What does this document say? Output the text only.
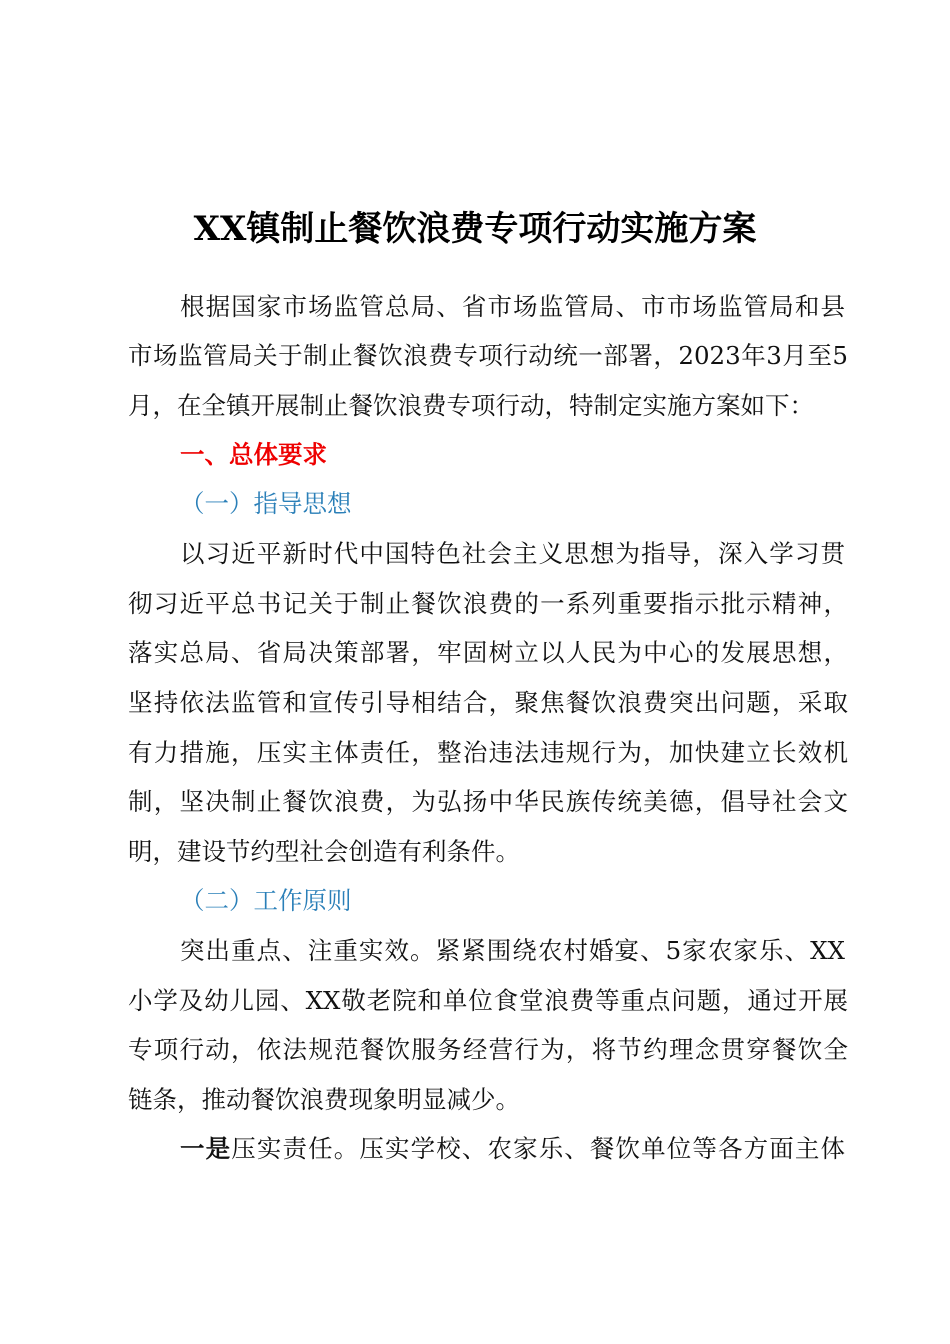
XX镇制止餐饮浪费专项行动实施方案
根据国家市场监管总局、省市场监管局、市市场监管局和县
市场监管局关于制止餐饮浪费专项行动统一部署，2023年3月至5
月，在全镇开展制止餐饮浪费专项行动，特制定实施方案如下：
一、总体要求
（一）指导思想
以习近平新时代中国特色社会主义思想为指导，深入学习贯
彻习近平总书记关于制止餐饮浪费的一系列重要指示批示精神，
落实总局、省局决策部署，牢固树立以人民为中心的发展思想，
坚持依法监管和宣传引导相结合，聚焦餐饮浪费突出问题，采取
有力措施，压实主体责任，整治违法违规行为，加快建立长效机
制，坚决制止餐饮浪费，为弘扬中华民族传统美德，倡导社会文
明，建设节约型社会创造有利条件。
（二）工作原则
突出重点、注重实效。紧紧围绕农村婚宴、5家农家乐、XX
小学及幼儿园、XX敬老院和单位食堂浪费等重点问题，通过开展
专项行动，依法规范餐饮服务经营行为，将节约理念贯穿餐饮全
链条，推动餐饮浪费现象明显减少。
一是压实责任。压实学校、农家乐、餐饮单位等各方面主体
